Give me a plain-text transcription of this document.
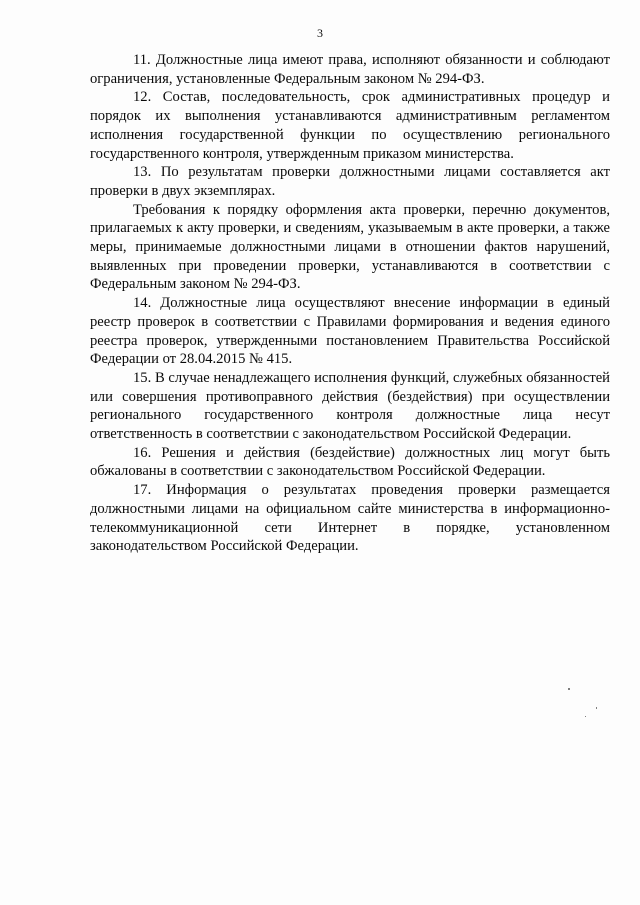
3

11. Должностные лица имеют права, исполняют обязанности и соблюдают ограничения, установленные Федеральным законом № 294-ФЗ.

12. Состав, последовательность, срок административных процедур и порядок их выполнения устанавливаются административным регламентом исполнения государственной функции по осуществлению регионального государственного контроля, утвержденным приказом министерства.

13. По результатам проверки должностными лицами составляется акт проверки в двух экземплярах.

Требования к порядку оформления акта проверки, перечню документов, прилагаемых к акту проверки, и сведениям, указываемым в акте проверки, а также меры, принимаемые должностными лицами в отношении фактов нарушений, выявленных при проведении проверки, устанавливаются в соответствии с Федеральным законом № 294-ФЗ.

14. Должностные лица осуществляют внесение информации в единый реестр проверок в соответствии с Правилами формирования и ведения единого реестра проверок, утвержденными постановлением Правительства Российской Федерации от 28.04.2015 № 415.

15. В случае ненадлежащего исполнения функций, служебных обязанностей или совершения противоправного действия (бездействия) при осуществлении регионального государственного контроля должностные лица несут ответственность в соответствии с законодательством Российской Федерации.

16. Решения и действия (бездействие) должностных лиц могут быть обжалованы в соответствии с законодательством Российской Федерации.

17. Информация о результатах проведения проверки размещается должностными лицами на официальном сайте министерства в информационно-телекоммуникационной сети Интернет в порядке, установленном законодательством Российской Федерации.
